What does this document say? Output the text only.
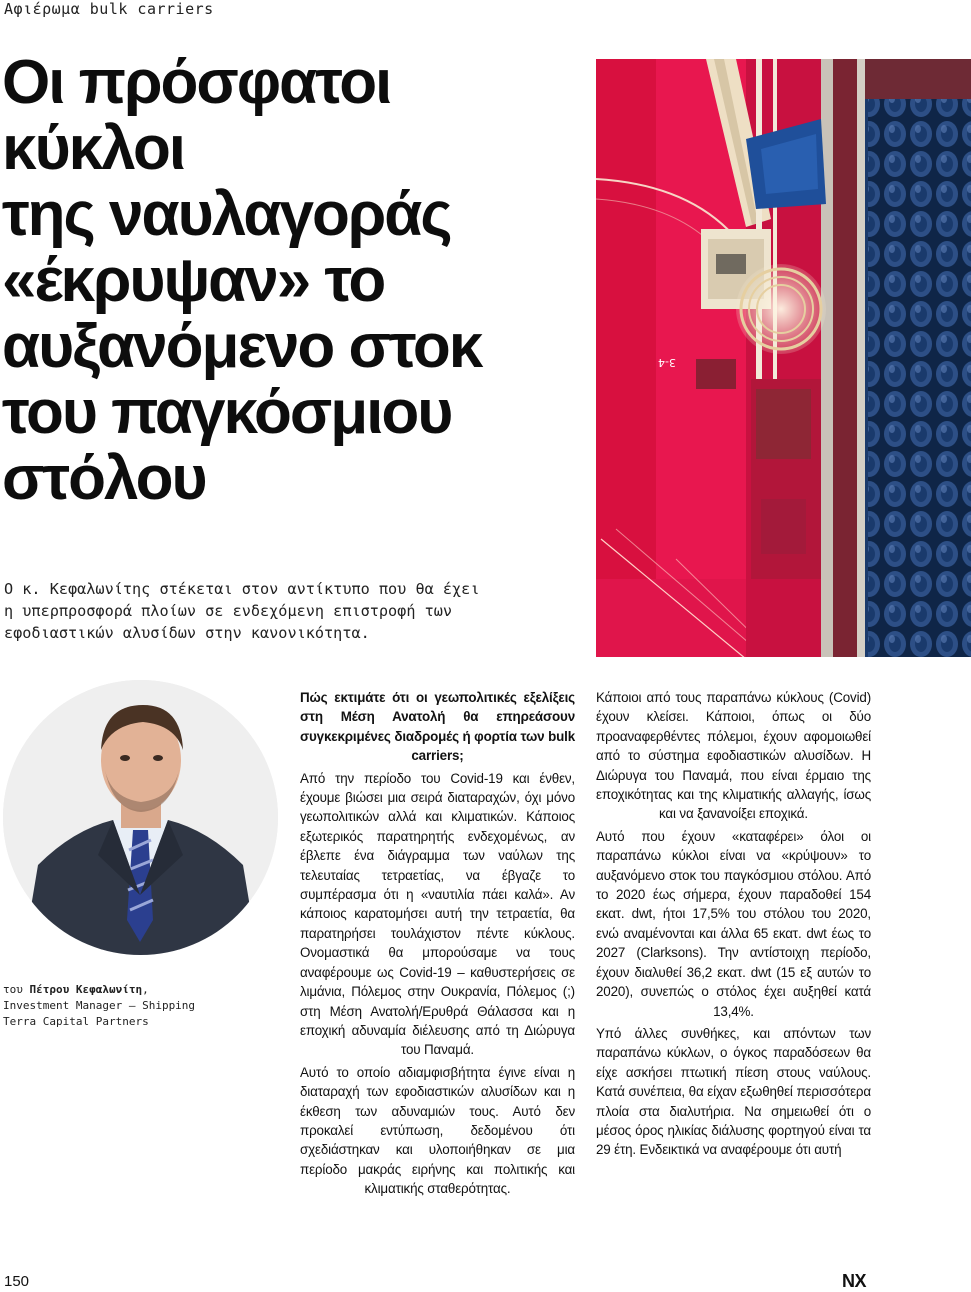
Αφιέρωμα bulk carriers
Οι πρόσφατοι
κύκλοι
της ναυλαγοράς
«έκρυψαν» το
αυξανόμενο στοκ
του παγκόσμιου
στόλου

Ο κ. Κεφαλωνίτης στέκεται στον αντίκτυπο που θα έχει
η υπερπροσφορά πλοίων σε ενδεχόμενη επιστροφή των
εφοδιαστικών αλυσίδων στην κανονικότητα.

3-4
του Πέτρου Κεφαλωνίτη,
Investment Manager – Shipping
Terra Capital Partners

Πώς εκτιμάτε ότι οι γεωπολιτικές εξελίξεις στη Μέση Ανατολή θα επηρεάσουν συγκεκριμένες διαδρομές ή φορτία των bulk carriers;

Από την περίοδο του Covid-19 και ένθεν, έχουμε βιώσει μια σειρά διαταραχών, όχι μόνο γεωπολιτικών αλλά και κλιματικών. Κάποιος εξωτερικός παρατηρητής ενδεχομένως, αν έβλεπε ένα διάγραμμα των ναύλων της τελευταίας τετραετίας, να έβγαζε το συμπέρασμα ότι η «ναυτιλία πάει καλά». Αν κάποιος καρατομήσει αυτή την τετραετία, θα παρατηρήσει τουλάχιστον πέντε κύκλους. Ονομαστικά θα μπορούσαμε να τους αναφέρουμε ως Covid-19 – καθυστερήσεις σε λιμάνια, Πόλεμος στην Ουκρανία, Πόλεμος (;) στη Μέση Ανατολή/Ερυθρά Θάλασσα και η εποχική αδυναμία διέλευσης από τη Διώρυγα του Παναμά.

Αυτό το οποίο αδιαμφισβήτητα έγινε είναι η διαταραχή των εφοδιαστικών αλυσίδων και η έκθεση των αδυναμιών τους. Αυτό δεν προκαλεί εντύπωση, δεδομένου ότι σχεδιάστηκαν και υλοποιήθηκαν σε μια περίοδο μακράς ειρήνης και πολιτικής και κλιματικής σταθερότητας.

Κάποιοι από τους παραπάνω κύκλους (Covid) έχουν κλείσει. Κάποιοι, όπως οι δύο προαναφερθέντες πόλεμοι, έχουν αφομοιωθεί από το σύστημα εφοδιαστικών αλυσίδων. Η Διώρυγα του Παναμά, που είναι έρμαιο της εποχικότητας και της κλιματικής αλλαγής, ίσως και να ξανανοίξει εποχικά.

Αυτό που έχουν «καταφέρει» όλοι οι παραπάνω κύκλοι είναι να «κρύψουν» το αυξανόμενο στοκ του παγκόσμιου στόλου. Από το 2020 έως σήμερα, έχουν παραδοθεί 154 εκατ. dwt, ήτοι 17,5% του στόλου του 2020, ενώ αναμένονται και άλλα 65 εκατ. dwt έως το 2027 (Clarksons). Την αντίστοιχη περίοδο, έχουν διαλυθεί 36,2 εκατ. dwt (15 εξ αυτών το 2020), συνεπώς ο στόλος έχει αυξηθεί κατά 13,4%.

Υπό άλλες συνθήκες, και απόντων των παραπάνω κύκλων, ο όγκος παραδόσεων θα είχε ασκήσει πτωτική πίεση στους ναύλους. Κατά συνέπεια, θα είχαν εξωθηθεί περισσότερα πλοία στα διαλυτήρια. Να σημειωθεί ότι ο μέσος όρος ηλικίας διάλυσης φορτηγού είναι τα 29 έτη. Ενδεικτικά να αναφέρουμε ότι αυτή

150	NX
